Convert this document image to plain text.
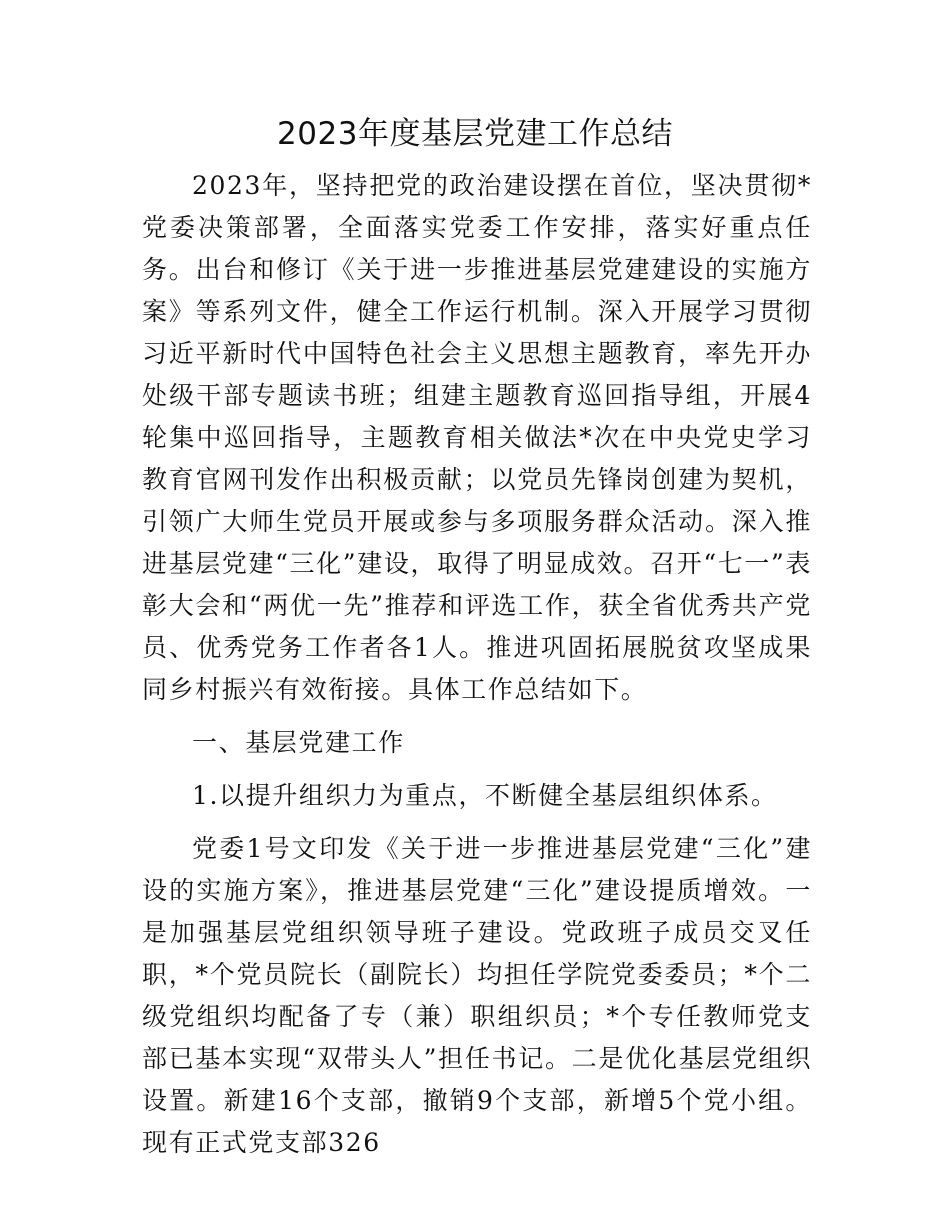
2023年度基层党建工作总结

2023年，坚持把党的政治建设摆在首位，坚决贯彻*党委决策部署，全面落实党委工作安排，落实好重点任务。出台和修订《关于进一步推进基层党建建设的实施方案》等系列文件，健全工作运行机制。深入开展学习贯彻习近平新时代中国特色社会主义思想主题教育，率先开办处级干部专题读书班；组建主题教育巡回指导组，开展4轮集中巡回指导，主题教育相关做法*次在中央党史学习教育官网刊发作出积极贡献；以党员先锋岗创建为契机，引领广大师生党员开展或参与多项服务群众活动。深入推进基层党建“三化”建设，取得了明显成效。召开“七一”表彰大会和“两优一先”推荐和评选工作，获全省优秀共产党员、优秀党务工作者各1人。推进巩固拓展脱贫攻坚成果同乡村振兴有效衔接。具体工作总结如下。

一、基层党建工作

1.以提升组织力为重点，不断健全基层组织体系。

党委1号文印发《关于进一步推进基层党建“三化”建设的实施方案》，推进基层党建“三化”建设提质增效。一是加强基层党组织领导班子建设。党政班子成员交叉任职，*个党员院长（副院长）均担任学院党委委员；*个二级党组织均配备了专（兼）职组织员；*个专任教师党支部已基本实现“双带头人”担任书记。二是优化基层党组织设置。新建16个支部，撤销9个支部，新增5个党小组。现有正式党支部326
